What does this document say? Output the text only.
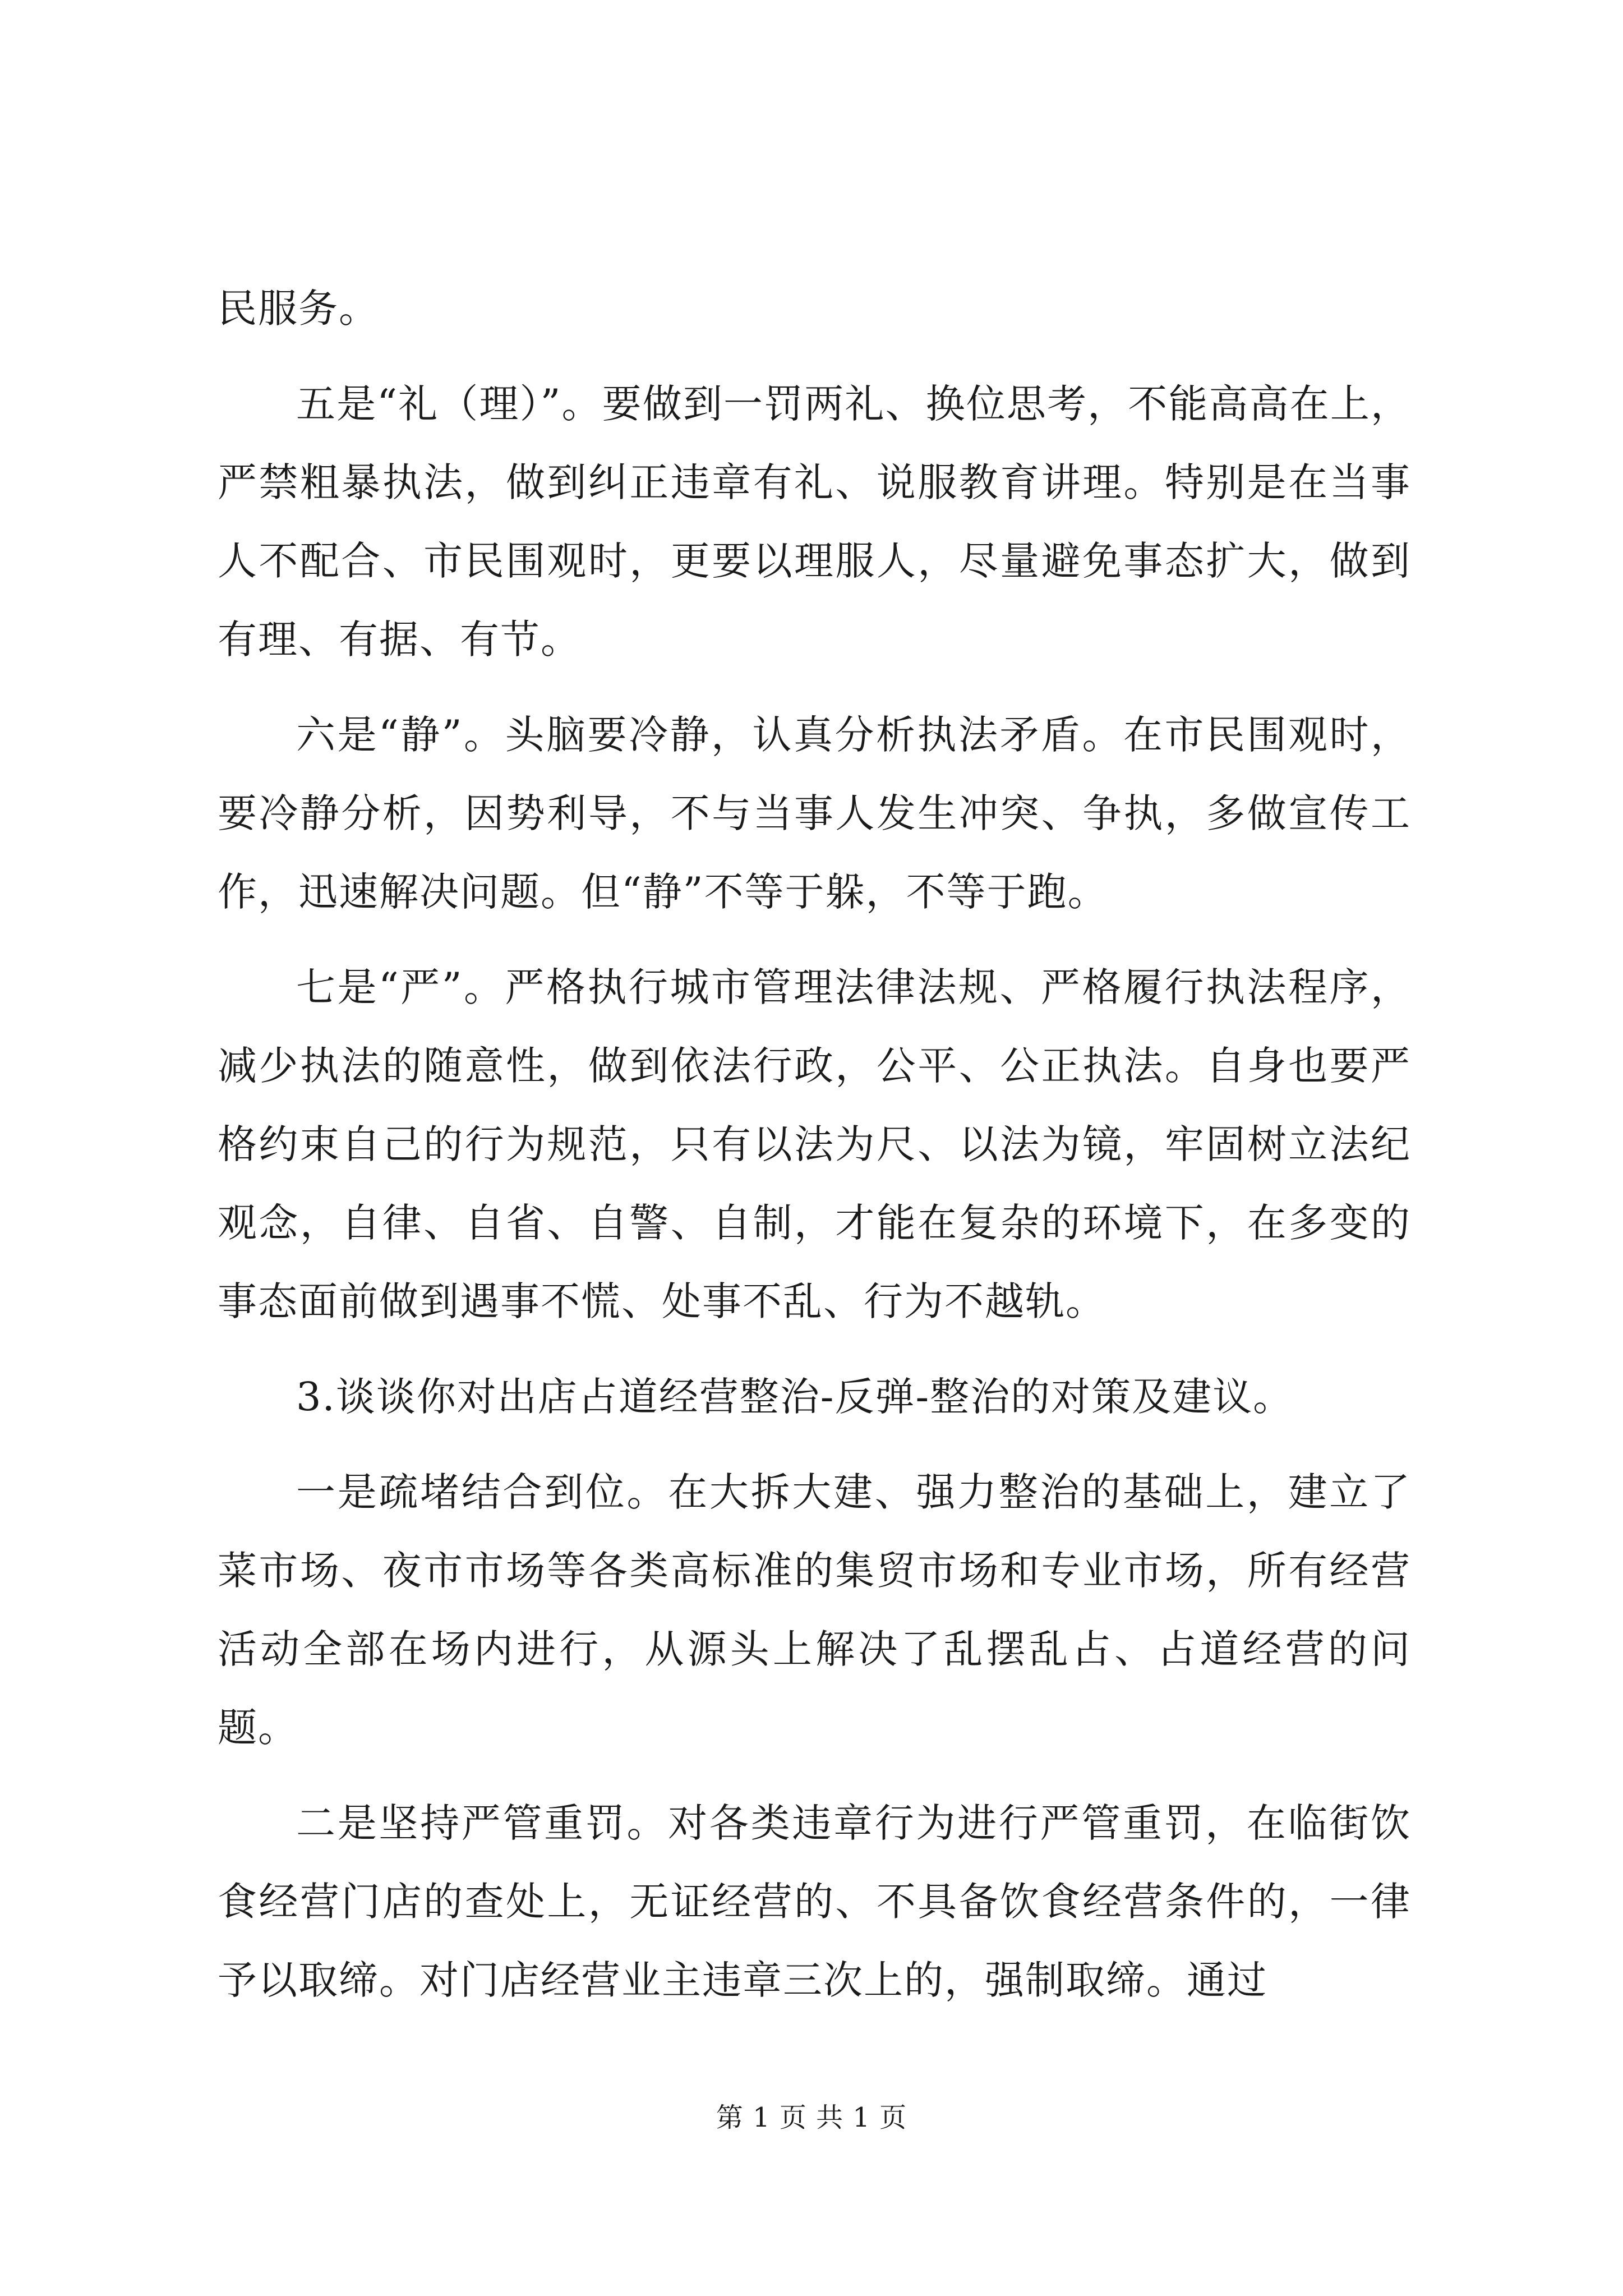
民服务。

五是“礼（理）”。要做到一罚两礼、换位思考，不能高高在上，严禁粗暴执法，做到纠正违章有礼、说服教育讲理。特别是在当事人不配合、市民围观时，更要以理服人，尽量避免事态扩大，做到有理、有据、有节。

六是“静”。头脑要冷静，认真分析执法矛盾。在市民围观时，要冷静分析，因势利导，不与当事人发生冲突、争执，多做宣传工作，迅速解决问题。但“静”不等于躲，不等于跑。

七是“严”。严格执行城市管理法律法规、严格履行执法程序，减少执法的随意性，做到依法行政，公平、公正执法。自身也要严格约束自己的行为规范，只有以法为尺、以法为镜，牢固树立法纪观念，自律、自省、自警、自制，才能在复杂的环境下，在多变的事态面前做到遇事不慌、处事不乱、行为不越轨。

3.谈谈你对出店占道经营整治-反弹-整治的对策及建议。

一是疏堵结合到位。在大拆大建、强力整治的基础上，建立了菜市场、夜市市场等各类高标准的集贸市场和专业市场，所有经营活动全部在场内进行，从源头上解决了乱摆乱占、占道经营的问题。

二是坚持严管重罚。对各类违章行为进行严管重罚，在临街饮食经营门店的查处上，无证经营的、不具备饮食经营条件的，一律予以取缔。对门店经营业主违章三次上的，强制取缔。通过

第 1 页 共 1 页
